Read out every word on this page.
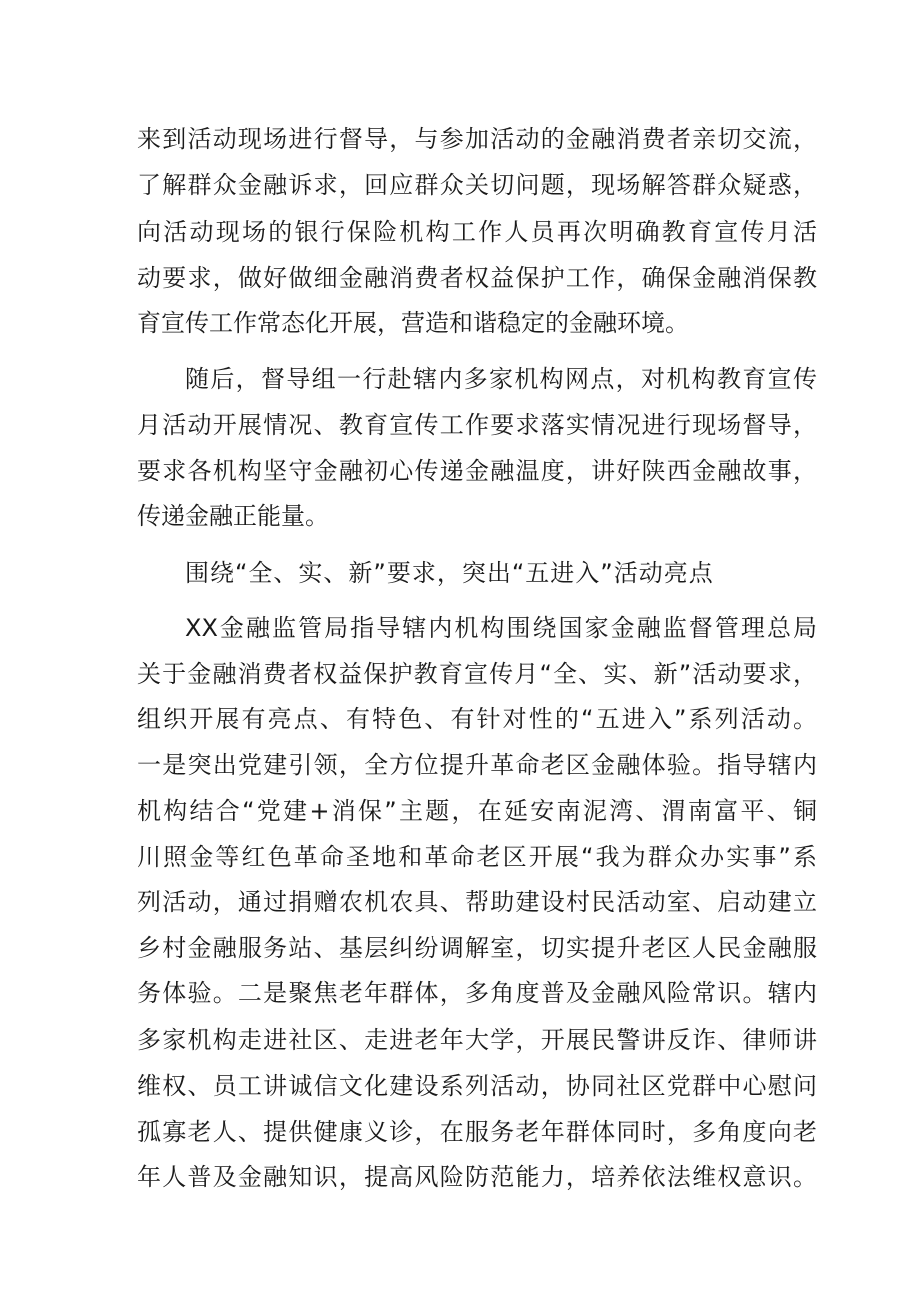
来到活动现场进行督导，与参加活动的金融消费者亲切交流，
了解群众金融诉求，回应群众关切问题，现场解答群众疑惑，
向活动现场的银行保险机构工作人员再次明确教育宣传月活
动要求，做好做细金融消费者权益保护工作，确保金融消保教
育宣传工作常态化开展，营造和谐稳定的金融环境。
随后，督导组一行赴辖内多家机构网点，对机构教育宣传
月活动开展情况、教育宣传工作要求落实情况进行现场督导，
要求各机构坚守金融初心传递金融温度，讲好陕西金融故事，
传递金融正能量。
围绕“全、实、新”要求，突出“五进入”活动亮点
XX金融监管局指导辖内机构围绕国家金融监督管理总局
关于金融消费者权益保护教育宣传月“全、实、新”活动要求，
组织开展有亮点、有特色、有针对性的“五进入”系列活动。
一是突出党建引领，全方位提升革命老区金融体验。指导辖内
机构结合“党建+消保”主题，在延安南泥湾、渭南富平、铜
川照金等红色革命圣地和革命老区开展“我为群众办实事”系
列活动，通过捐赠农机农具、帮助建设村民活动室、启动建立
乡村金融服务站、基层纠纷调解室，切实提升老区人民金融服
务体验。二是聚焦老年群体，多角度普及金融风险常识。辖内
多家机构走进社区、走进老年大学，开展民警讲反诈、律师讲
维权、员工讲诚信文化建设系列活动，协同社区党群中心慰问
孤寡老人、提供健康义诊，在服务老年群体同时，多角度向老
年人普及金融知识，提高风险防范能力，培养依法维权意识。
